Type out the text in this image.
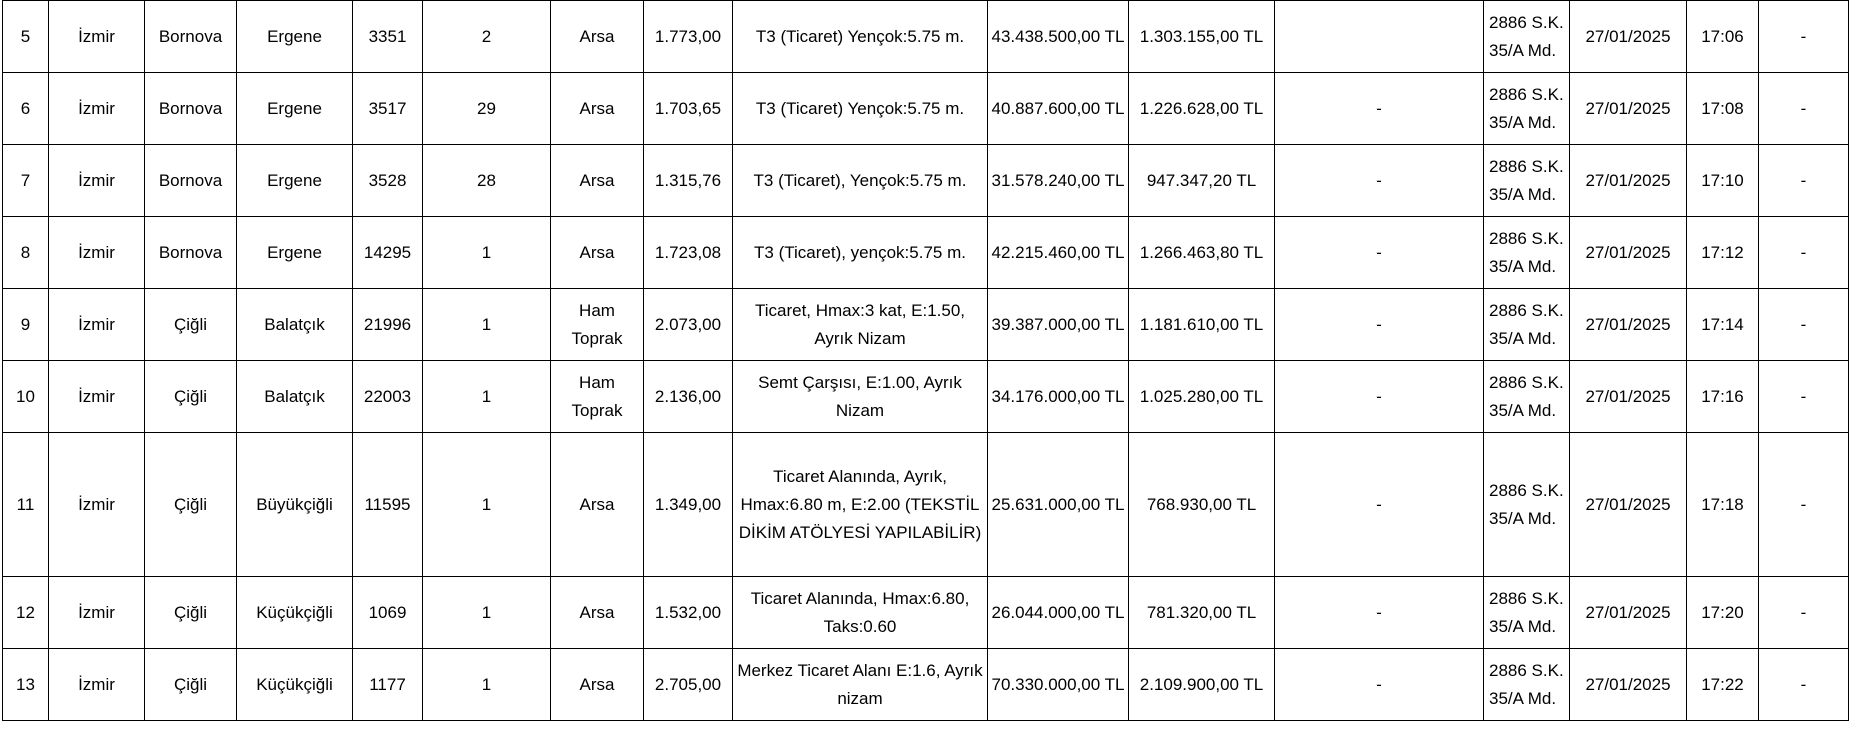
5	İzmir	Bornova	Ergene	3351	2	Arsa	1.773,00	T3 (Ticaret) Yençok:5.75 m.	43.438.500,00 TL	1.303.155,00 TL		2886 S.K. 35/A Md.	27/01/2025	17:06	-
6	İzmir	Bornova	Ergene	3517	29	Arsa	1.703,65	T3 (Ticaret) Yençok:5.75 m.	40.887.600,00 TL	1.226.628,00 TL	-	2886 S.K. 35/A Md.	27/01/2025	17:08	-
7	İzmir	Bornova	Ergene	3528	28	Arsa	1.315,76	T3 (Ticaret), Yençok:5.75 m.	31.578.240,00 TL	947.347,20 TL	-	2886 S.K. 35/A Md.	27/01/2025	17:10	-
8	İzmir	Bornova	Ergene	14295	1	Arsa	1.723,08	T3 (Ticaret), yençok:5.75 m.	42.215.460,00 TL	1.266.463,80 TL	-	2886 S.K. 35/A Md.	27/01/2025	17:12	-
9	İzmir	Çiğli	Balatçık	21996	1	Ham Toprak	2.073,00	Ticaret, Hmax:3 kat, E:1.50, Ayrık Nizam	39.387.000,00 TL	1.181.610,00 TL	-	2886 S.K. 35/A Md.	27/01/2025	17:14	-
10	İzmir	Çiğli	Balatçık	22003	1	Ham Toprak	2.136,00	Semt Çarşısı, E:1.00, Ayrık Nizam	34.176.000,00 TL	1.025.280,00 TL	-	2886 S.K. 35/A Md.	27/01/2025	17:16	-
11	İzmir	Çiğli	Büyükçiğli	11595	1	Arsa	1.349,00	Ticaret Alanında, Ayrık, Hmax:6.80 m, E:2.00 (TEKSTİL DİKİM ATÖLYESİ YAPILABİLİR)	25.631.000,00 TL	768.930,00 TL	-	2886 S.K. 35/A Md.	27/01/2025	17:18	-
12	İzmir	Çiğli	Küçükçiğli	1069	1	Arsa	1.532,00	Ticaret Alanında, Hmax:6.80, Taks:0.60	26.044.000,00 TL	781.320,00 TL	-	2886 S.K. 35/A Md.	27/01/2025	17:20	-
13	İzmir	Çiğli	Küçükçiğli	1177	1	Arsa	2.705,00	Merkez Ticaret Alanı E:1.6, Ayrık nizam	70.330.000,00 TL	2.109.900,00 TL	-	2886 S.K. 35/A Md.	27/01/2025	17:22	-
